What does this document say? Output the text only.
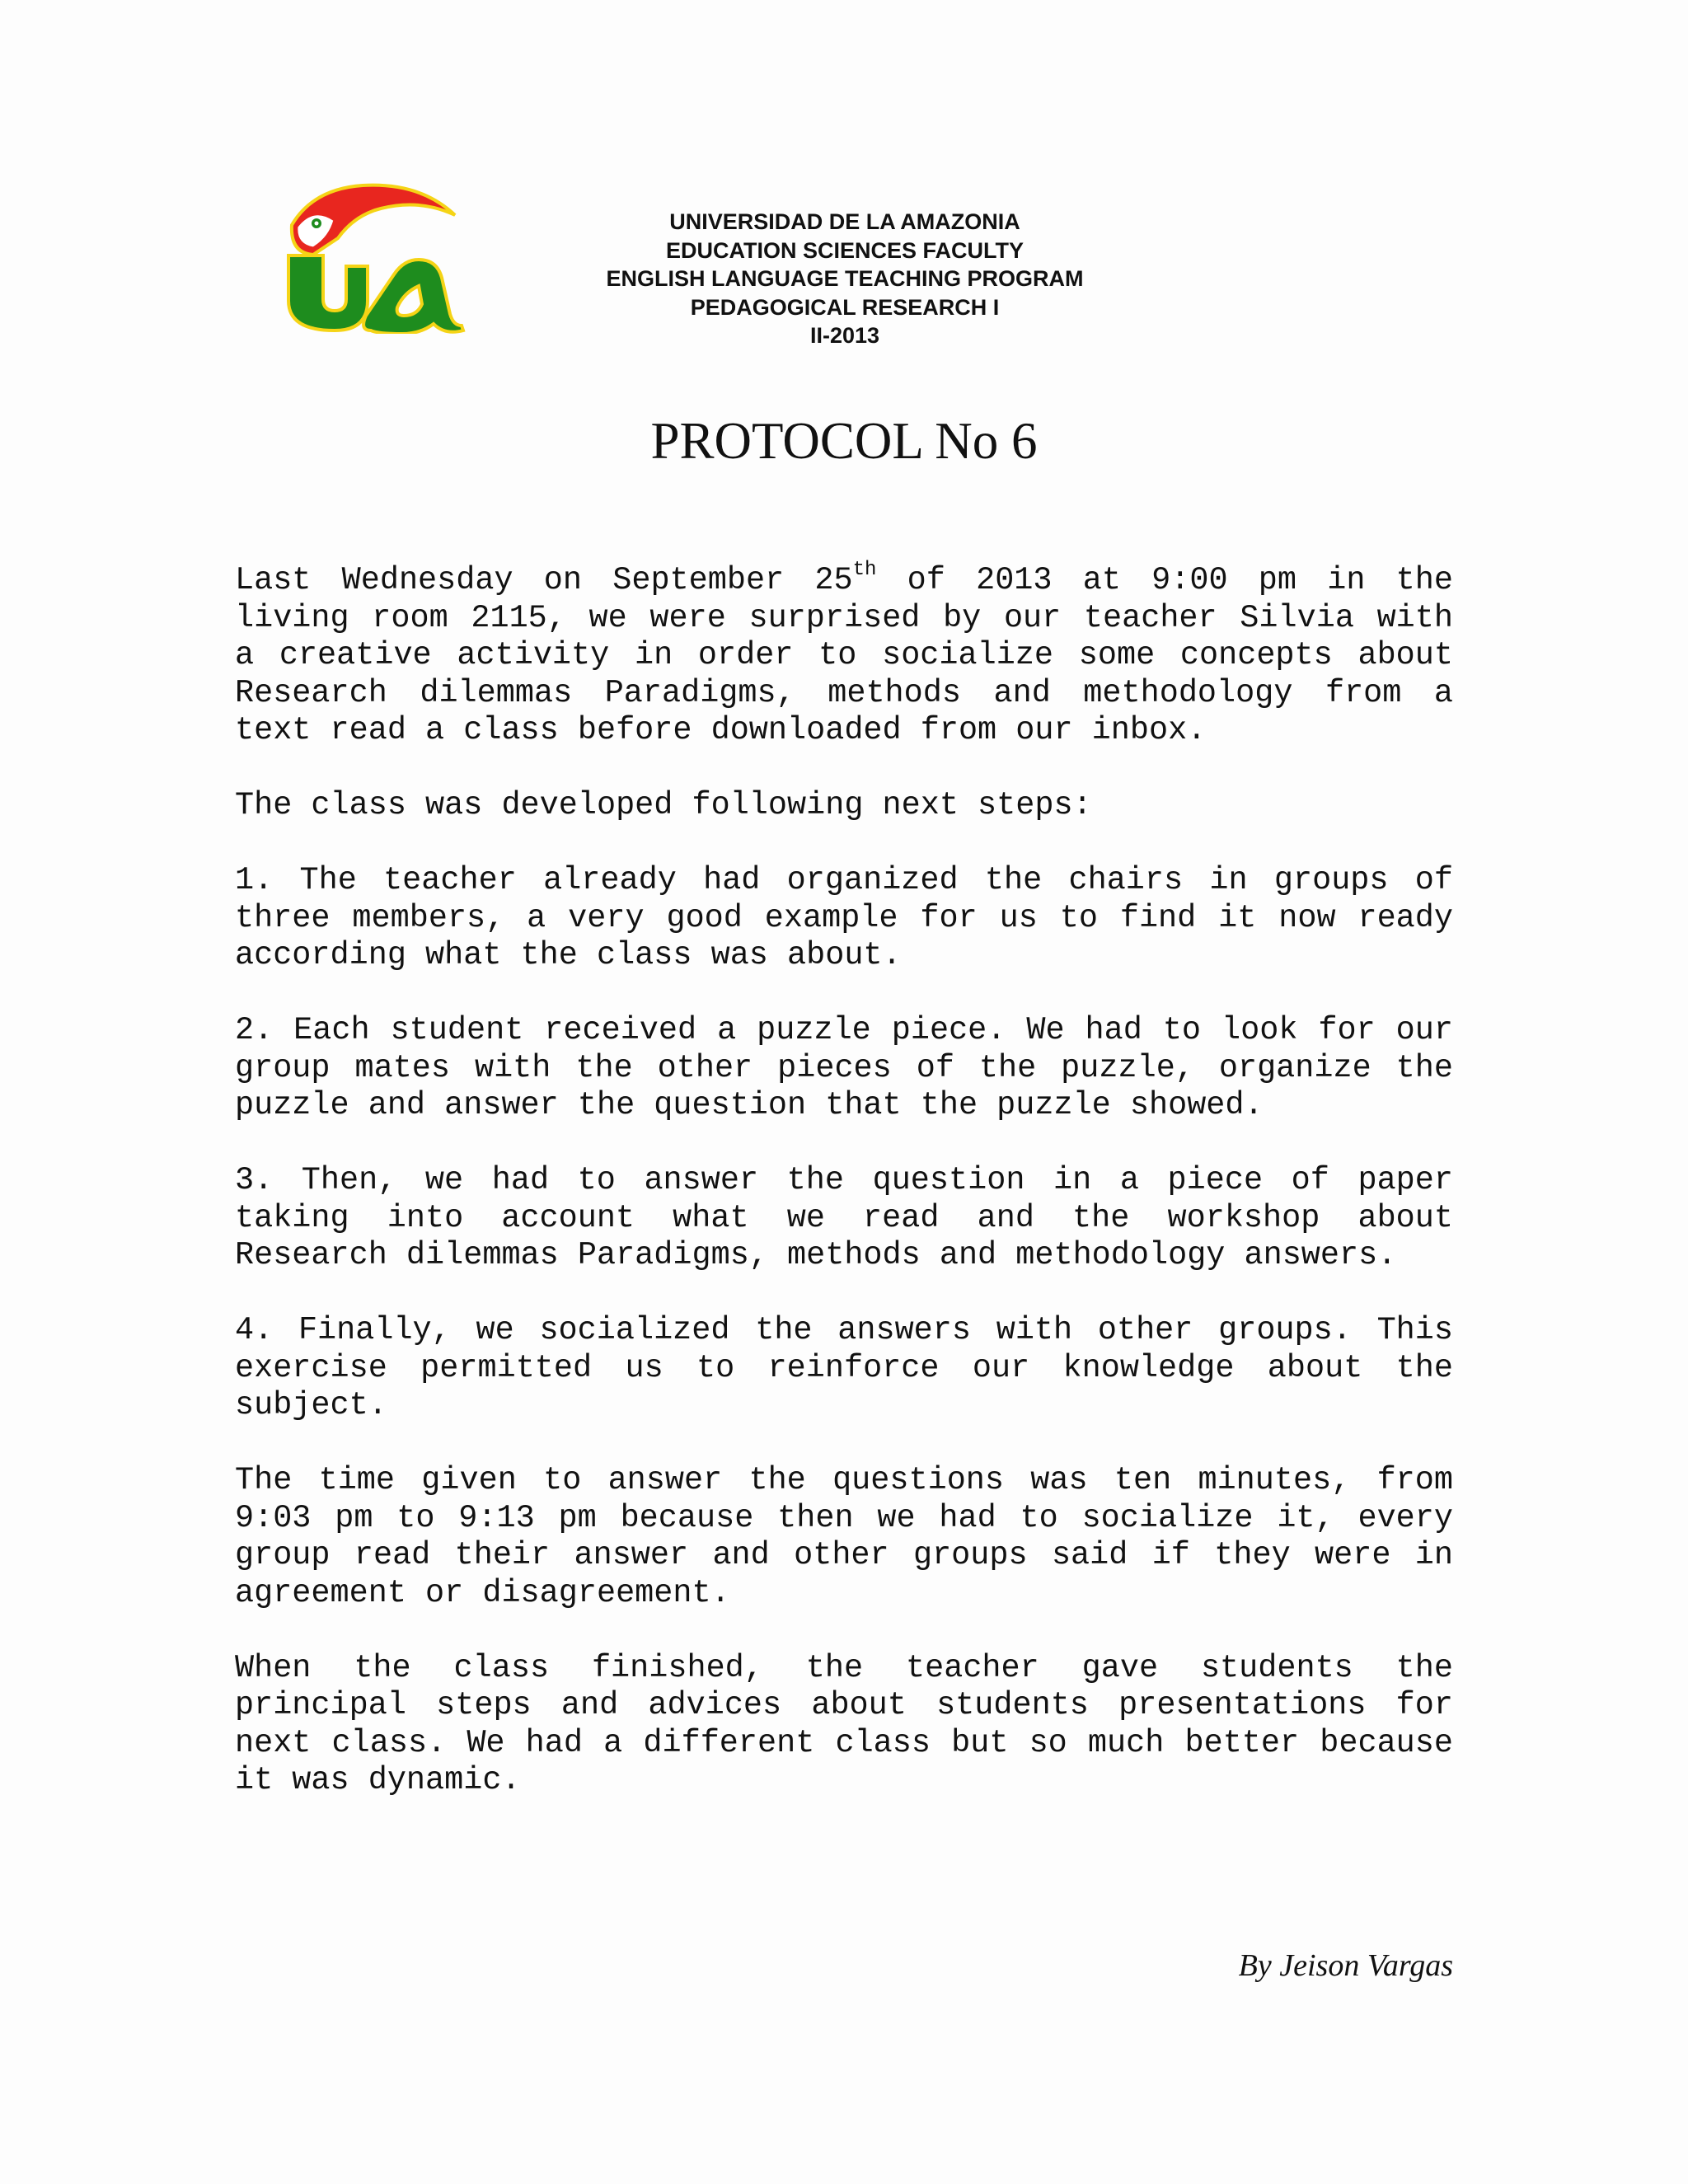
UNIVERSIDAD DE LA AMAZONIA
EDUCATION SCIENCES FACULTY
ENGLISH LANGUAGE TEACHING PROGRAM
PEDAGOGICAL RESEARCH I
II-2013
PROTOCOL No 6

Last Wednesday on September 25th of 2013 at 9:00 pm in the living room 2115, we were surprised by our teacher Silvia with a creative activity in order to socialize some concepts about Research dilemmas Paradigms, methods and methodology from a text read a class before downloaded from our inbox.

The class was developed following next steps:

1. The teacher already had organized the chairs in groups of three members, a very good example for us to find it now ready according what the class was about.

2. Each student received a puzzle piece. We had to look for our group mates with the other pieces of the puzzle, organize the puzzle and answer the question that the puzzle showed.

3. Then, we had to answer the question in a piece of paper taking into account what we read and the workshop about Research dilemmas Paradigms, methods and methodology answers.

4. Finally, we socialized the answers with other groups. This exercise permitted us to reinforce our knowledge about the subject.

The time given to answer the questions was ten minutes, from 9:03 pm to 9:13 pm because then we had to socialize it, every group read their answer and other groups said if they were in agreement or disagreement.

When the class finished, the teacher gave students the principal steps and advices about students presentations for next class. We had a different class but so much better because it was dynamic.

By Jeison Vargas
